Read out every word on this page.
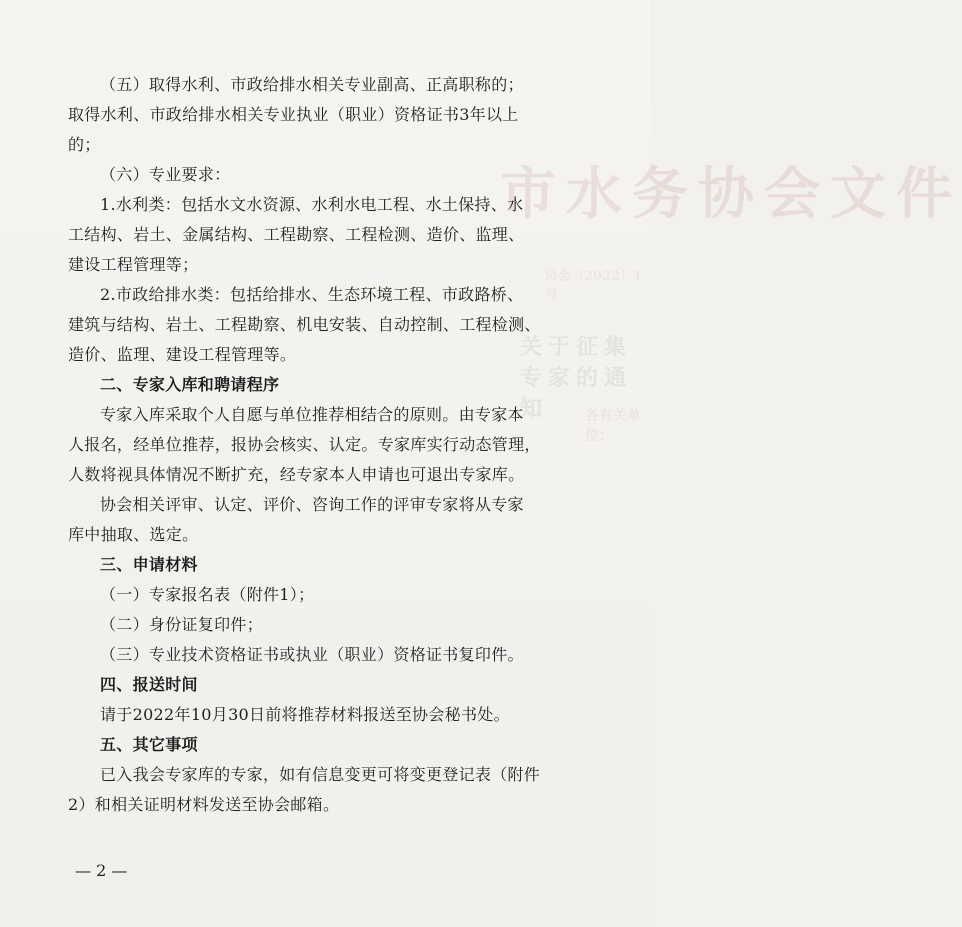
市水务协会文件
协会〔2022〕1号
关于征集专家的通知	各有关单位：
（五）取得水利、市政给排水相关专业副高、正高职称的；
取得水利、市政给排水相关专业执业（职业）资格证书3年以上
的；
（六）专业要求：
1.水利类：包括水文水资源、水利水电工程、水土保持、水
工结构、岩土、金属结构、工程勘察、工程检测、造价、监理、
建设工程管理等；
2.市政给排水类：包括给排水、生态环境工程、市政路桥、
建筑与结构、岩土、工程勘察、机电安装、自动控制、工程检测、
造价、监理、建设工程管理等。
二、专家入库和聘请程序
专家入库采取个人自愿与单位推荐相结合的原则。由专家本
人报名，经单位推荐，报协会核实、认定。专家库实行动态管理，
人数将视具体情况不断扩充，经专家本人申请也可退出专家库。
协会相关评审、认定、评价、咨询工作的评审专家将从专家
库中抽取、选定。
三、申请材料
（一）专家报名表（附件1）；
（二）身份证复印件；
（三）专业技术资格证书或执业（职业）资格证书复印件。
四、报送时间
请于2022年10月30日前将推荐材料报送至协会秘书处。
五、其它事项
已入我会专家库的专家，如有信息变更可将变更登记表（附件
2）和相关证明材料发送至协会邮箱。
— 2 —
